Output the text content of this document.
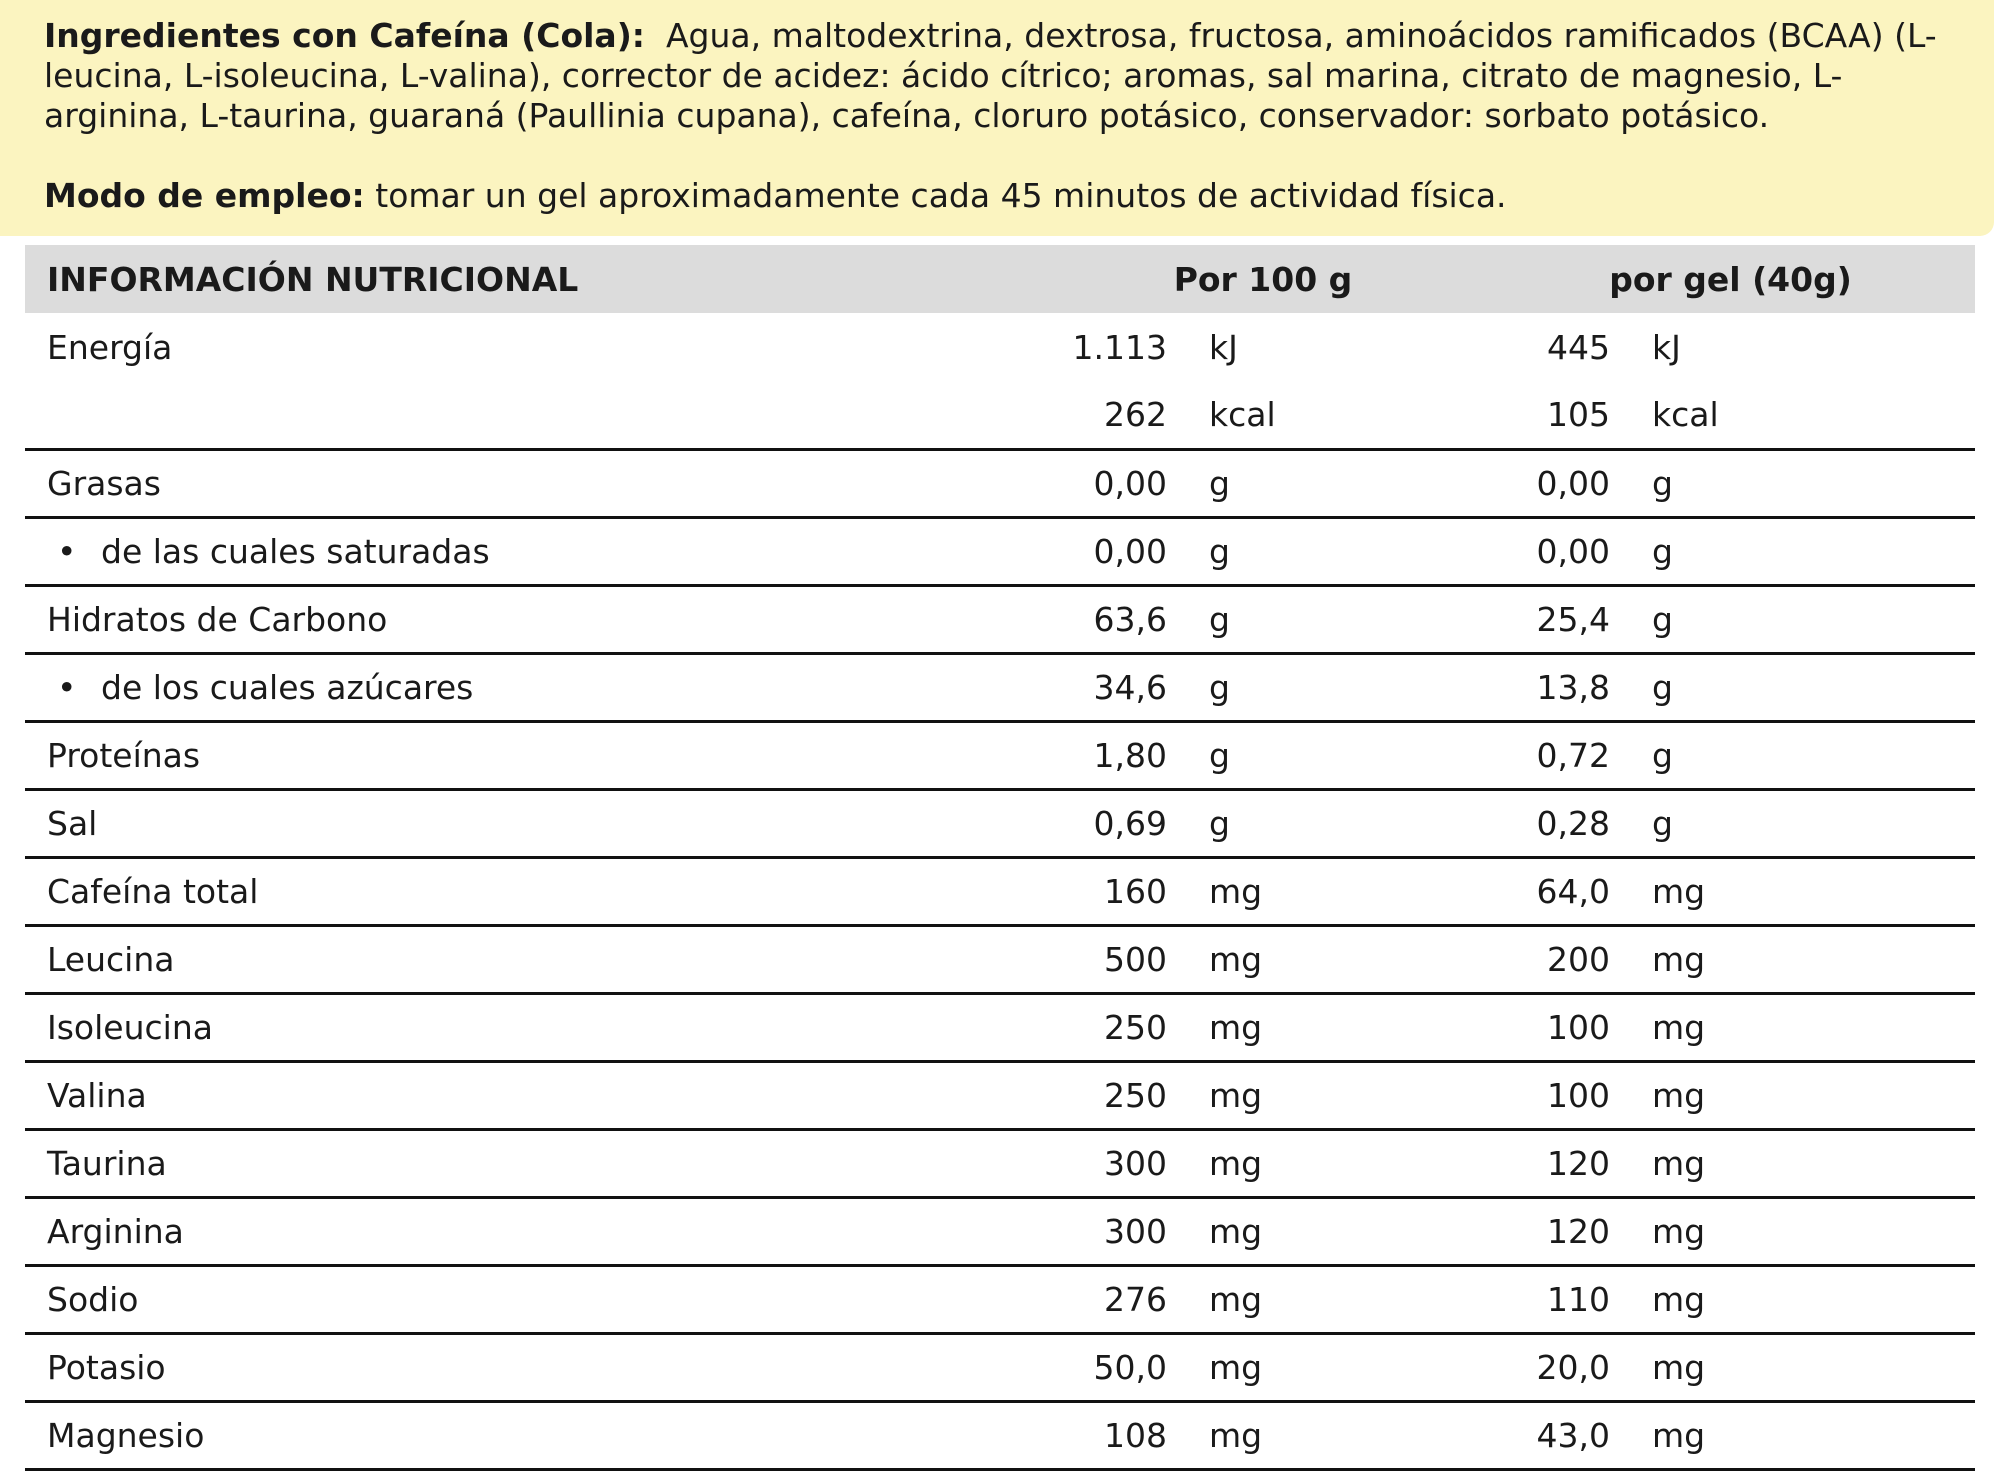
Ingredientes con Cafeína (Cola): Agua, maltodextrina, dextrosa, fructosa, aminoácidos ramificados (BCAA) (L-leucina, L-isoleucina, L-valina), corrector de acidez: ácido cítrico; aromas, sal marina, citrato de magnesio, L-arginina, L-taurina, guaraná (Paullinia cupana), cafeína, cloruro potásico, conservador: sorbato potásico.

Modo de empleo: tomar un gel aproximadamente cada 45 minutos de actividad física.

INFORMACIÓN NUTRICIONAL	Por 100 g		por gel (40g)	
Energía	1.113	kJ	445	kJ
	262	kcal	105	kcal
Grasas	0,00	g	0,00	g
• de las cuales saturadas	0,00	g	0,00	g
Hidratos de Carbono	63,6	g	25,4	g
• de los cuales azúcares	34,6	g	13,8	g
Proteínas	1,80	g	0,72	g
Sal	0,69	g	0,28	g
Cafeína total	160	mg	64,0	mg
Leucina	500	mg	200	mg
Isoleucina	250	mg	100	mg
Valina	250	mg	100	mg
Taurina	300	mg	120	mg
Arginina	300	mg	120	mg
Sodio	276	mg	110	mg
Potasio	50,0	mg	20,0	mg
Magnesio	108	mg	43,0	mg
